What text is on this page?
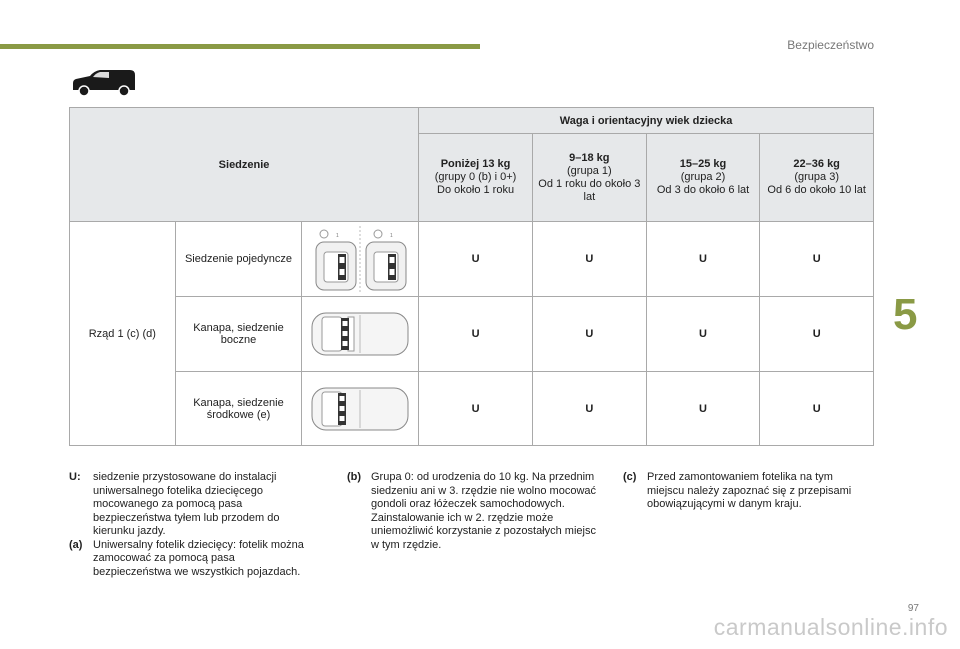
Bezpieczeństwo
5
Siedzenie			Waga i orientacyjny wiek dziecka			

			Poniżej 13 kg
(grupy 0 (b) i 0+)
Do około 1 roku	9–18 kg
(grupa 1)
Od 1 roku do około 3 lat	15–25 kg
(grupa 2)
Od 3 do około 6 lat	22–36 kg
(grupa 3)
Od 6 do około 10 lat

Rząd 1 (c) (d)	Siedzenie pojedyncze	1 1	U	U	U	U
	Kanapa, siedzenie boczne		U	U	U	U
	Kanapa, siedzenie środkowe (e)		U	U	U	U
U: siedzenie przystosowane do instalacji uniwersalnego fotelika dziecięcego mocowanego za pomocą pasa bezpieczeństwa tyłem lub przodem do kierunku jazdy.
(a) Uniwersalny fotelik dziecięcy: fotelik można zamocować za pomocą pasa bezpieczeństwa we wszystkich pojazdach.
(b) Grupa 0: od urodzenia do 10 kg. Na przednim siedzeniu ani w 3. rzędzie nie wolno mocować gondoli oraz łóżeczek samochodowych. Zainstalowanie ich w 2. rzędzie może uniemożliwić korzystanie z pozostałych miejsc w tym rzędzie.
(c) Przed zamontowaniem fotelika na tym miejscu należy zapoznać się z przepisami obowiązującymi w danym kraju.
97
carmanualsonline.info
